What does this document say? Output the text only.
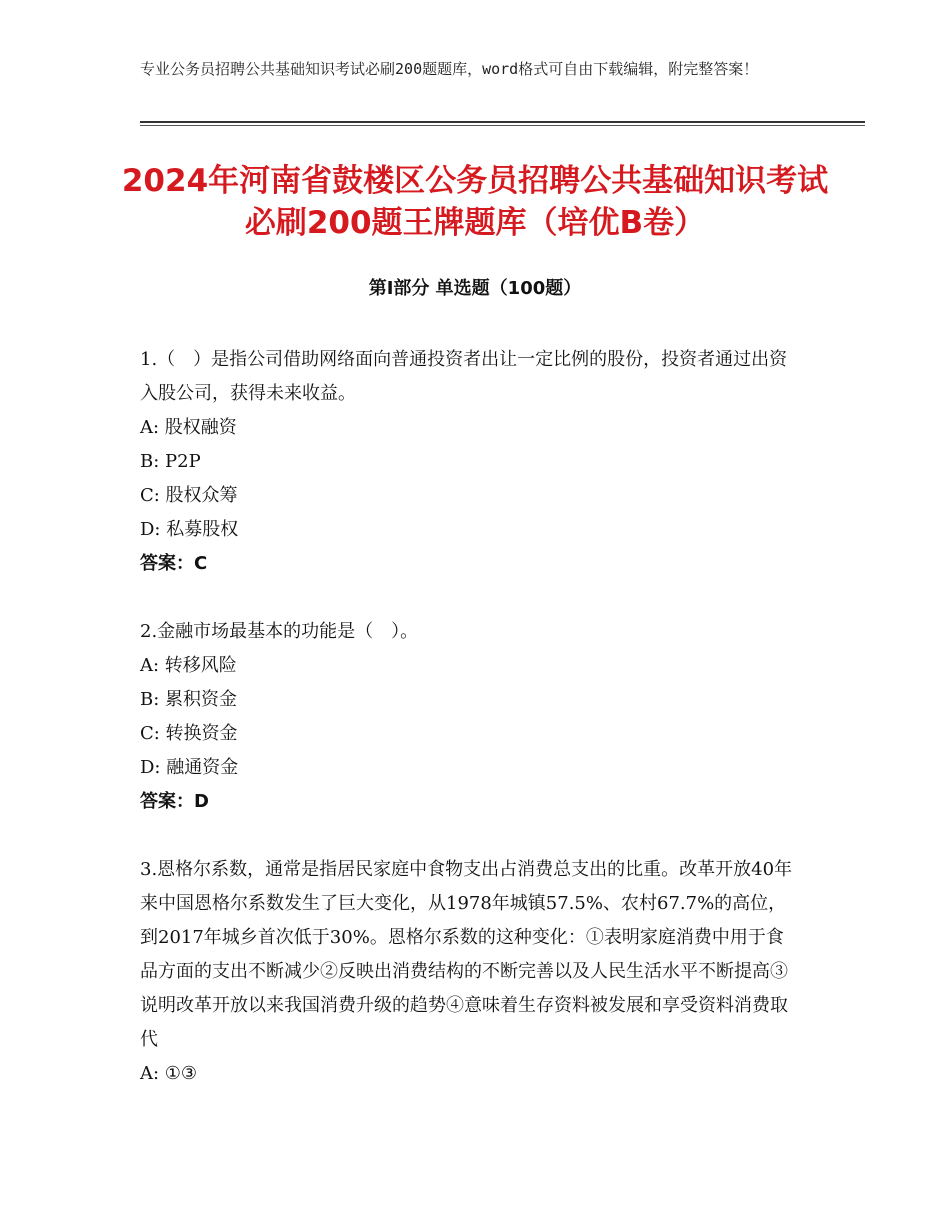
专业公务员招聘公共基础知识考试必刷200题题库，word格式可自由下载编辑，附完整答案！
2024年河南省鼓楼区公务员招聘公共基础知识考试必刷200题王牌题库（培优B卷）
第Ⅰ部分 单选题（100题）

1.（　）是指公司借助网络面向普通投资者出让一定比例的股份，投资者通过出资入股公司，获得未来收益。

A: 股权融资

B: P2P

C: 股权众筹

D: 私募股权

答案：C

2.金融市场最基本的功能是（　）。

A: 转移风险

B: 累积资金

C: 转换资金

D: 融通资金

答案：D

3.恩格尔系数，通常是指居民家庭中食物支出占消费总支出的比重。改革开放40年来中国恩格尔系数发生了巨大变化，从1978年城镇57.5%、农村67.7%的高位，到2017年城乡首次低于30%。恩格尔系数的这种变化：①表明家庭消费中用于食品方面的支出不断减少②反映出消费结构的不断完善以及人民生活水平不断提高③说明改革开放以来我国消费升级的趋势④意味着生存资料被发展和享受资料消费取代

A: ①③
